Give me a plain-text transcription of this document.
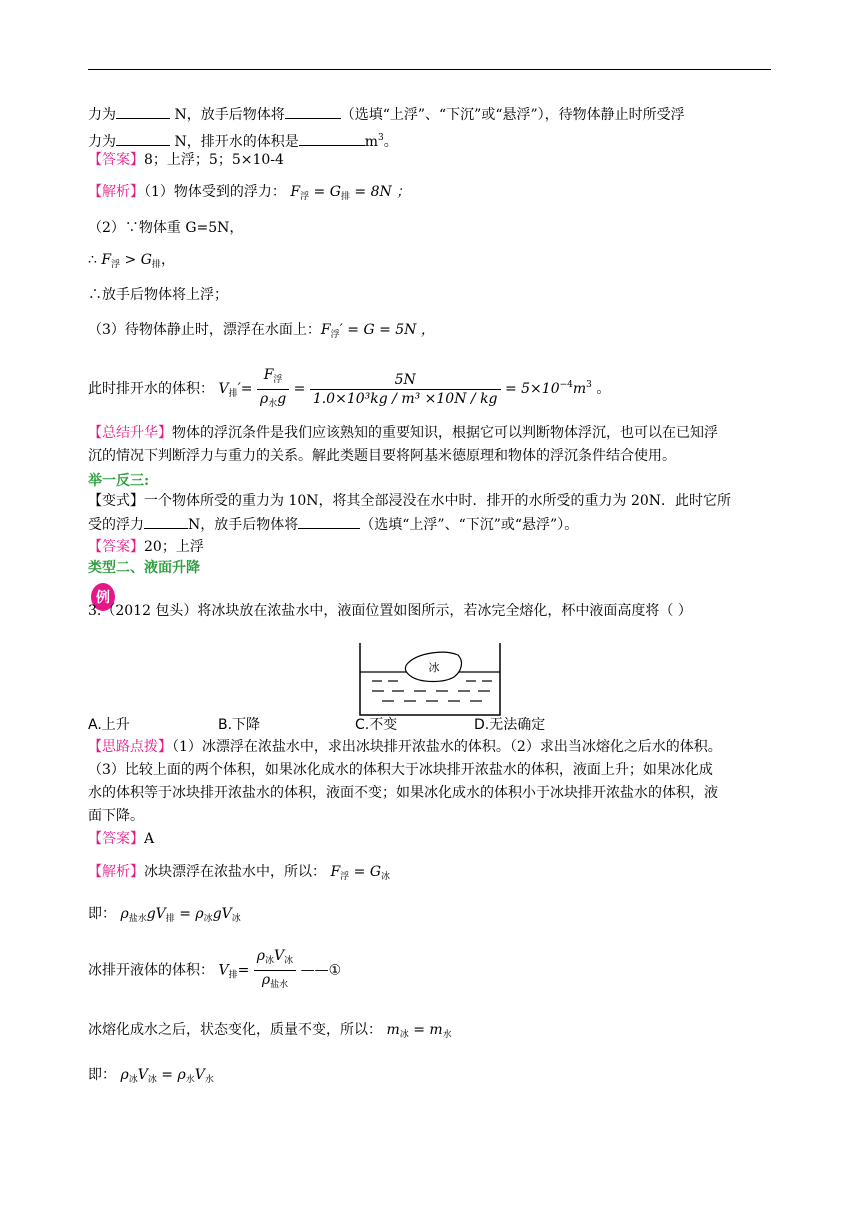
力为	N，放手后物体将	（选填“上浮”、“下沉”或“悬浮”），待物体静止时所受浮
力为	N，排开水的体积是	$m^3$。
【答案】8；上浮；5；5×10-4
【解析】（1）物体受到的浮力： $F_浮 = G_排 = 8N$ ；
（2）∵物体重 G=5N，
∴ $F_浮 > G_排$，
∴放手后物体将上浮；
（3）待物体静止时，漂浮在水面上：$F_浮' = G = 5N$ ，
此时排开水的体积： $V_排'= \frac{F_浮}{\rho_水g} = \frac{5N}{\text{1.0×10³kg / m³ ×10N / kg}} = 5\times 10^{-4}m^3$ 。
【总结升华】物体的浮沉条件是我们应该熟知的重要知识，根据它可以判断物体浮沉，也可以在已知浮
沉的情况下判断浮力与重力的关系。解此类题目要将阿基米德原理和物体的浮沉条件结合使用。
举一反三:
【变式】一个物体所受的重力为 10N，将其全部浸没在水中时．排开的水所受的重力为 20N．此时它所
受的浮力	N，放手后物体将	（选填“上浮”、“下沉”或“悬浮”）。
【答案】20；上浮
类型二、液面升降
例
3.（2012 包头）将冰块放在浓盐水中，液面位置如图所示，若冰完全熔化，杯中液面高度将（ ）
冰
A.上升	B.下降	C.不变	D.无法确定
【思路点拨】（1）冰漂浮在浓盐水中，求出冰块排开浓盐水的体积。（2）求出当冰熔化之后水的体积。
（3）比较上面的两个体积，如果冰化成水的体积大于冰块排开浓盐水的体积，液面上升；如果冰化成
水的体积等于冰块排开浓盐水的体积，液面不变；如果冰化成水的体积小于冰块排开浓盐水的体积，液
面下降。
【答案】A
【解析】冰块漂浮在浓盐水中，所以： $F_浮 = G_冰$
即： $\rho_{盐水}gV_排 = \rho_冰gV_冰$
冰排开液体的体积： $V_排= \frac{\rho_冰V_冰}{\rho_{盐水}}$ ——①
冰熔化成水之后，状态变化，质量不变，所以： $m_冰 = m_水$
即： $\rho_冰V_冰 = \rho_水V_水$
